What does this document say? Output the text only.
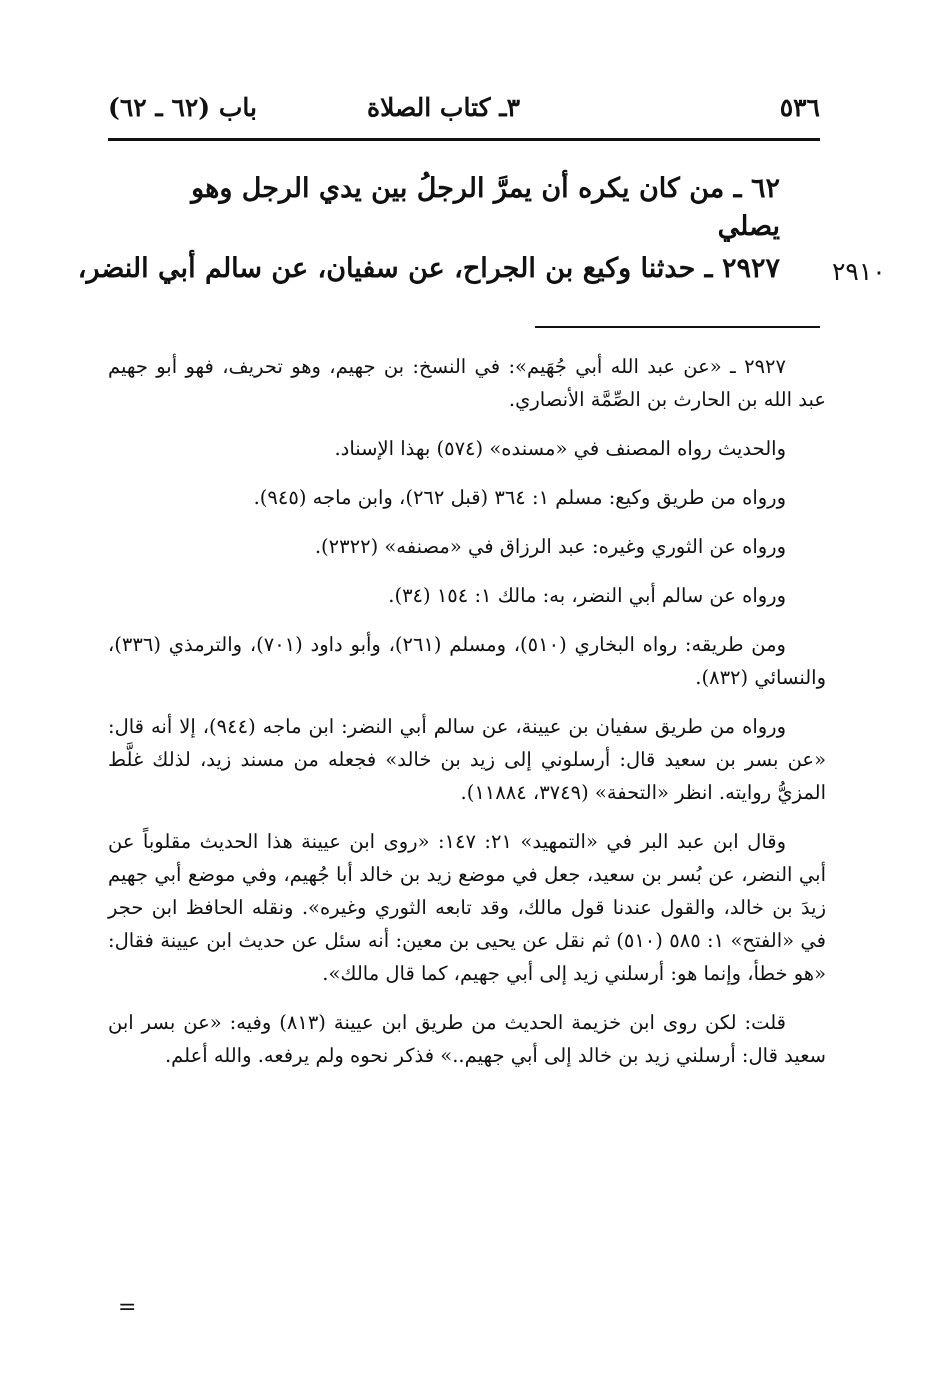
٥٣٦
٣ـ كتاب الصلاة
باب (٦٢ ـ ٦٢)
٦٢ ـ من كان يكره أن يمرَّ الرجلُ بين يدي الرجل وهو يصلي
٢٩٢٧ ـ حدثنا وكيع بن الجراح، عن سفيان، عن سالم أبي النضر، ٢٩١٠

٢٩٢٧ ـ «عن عبد الله أبي جُهَيم»: في النسخ: بن جهيم، وهو تحريف، فهو أبو جهيم عبد الله بن الحارث بن الصِّمَّة الأنصاري.

والحديث رواه المصنف في «مسنده» (٥٧٤) بهذا الإسناد.

ورواه من طريق وكيع: مسلم ١: ٣٦٤ (قبل ٢٦٢)، وابن ماجه (٩٤٥).

ورواه عن الثوري وغيره: عبد الرزاق في «مصنفه» (٢٣٢٢).

ورواه عن سالم أبي النضر، به: مالك ١: ١٥٤ (٣٤).

ومن طريقه: رواه البخاري (٥١٠)، ومسلم (٢٦١)، وأبو داود (٧٠١)، والترمذي (٣٣٦)، والنسائي (٨٣٢).

ورواه من طريق سفيان بن عيينة، عن سالم أبي النضر: ابن ماجه (٩٤٤)، إلا أنه قال: «عن بسر بن سعيد قال: أرسلوني إلى زيد بن خالد» فجعله من مسند زيد، لذلك غلَّط المزيُّ روايته. انظر «التحفة» (٣٧٤٩، ١١٨٨٤).

وقال ابن عبد البر في «التمهيد» ٢١: ١٤٧: «روى ابن عيينة هذا الحديث مقلوباً عن أبي النضر، عن بُسر بن سعيد، جعل في موضع زيد بن خالد أبا جُهيم، وفي موضع أبي جهيم زيدَ بن خالد، والقول عندنا قول مالك، وقد تابعه الثوري وغيره». ونقله الحافظ ابن حجر في «الفتح» ١: ٥٨٥ (٥١٠) ثم نقل عن يحيى بن معين: أنه سئل عن حديث ابن عيينة فقال: «هو خطأ، وإنما هو: أرسلني زيد إلى أبي جهيم، كما قال مالك».

قلت: لكن روى ابن خزيمة الحديث من طريق ابن عيينة (٨١٣) وفيه: «عن بسر ابن سعيد قال: أرسلني زيد بن خالد إلى أبي جهيم..» فذكر نحوه ولم يرفعه. والله أعلم.

=
